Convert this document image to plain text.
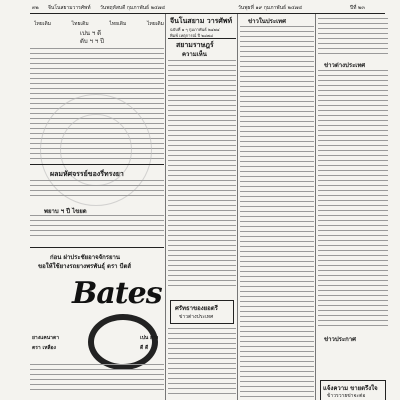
๓๒ จีนโนสยามวารศัพท์ วันพฤหัสบดี กุมภาพันธ์ ๒๔๗๔	วันพุธที่ ๑๙ กุมภาพันธ์ ๒๔๗๔	ปีที่ ๒๓
ไทยเดิม	ไทยเดิม	ไทยเดิม	ไทยเดิม
เปน ฯ ดี
ดับ ฯ ฯ ปี
ผลมหัศจรรย์ของรี่ทรงยา
พยาบ ฯ ปี ไขยด
ก่อน ฝาประชัยอาจจักรยาน
ขอให้ใช้ยางรถยางพรพันธุ์ ตรา บีตส์
Bates
ยางแคนาดา
ตรา เหลือง
เปน ยาง
ดี ดี
จีนโนสยาม วารศัพท์
ฉบับที่ ๑ ๆ กุมภาพันธ์ ๒๔๗๔
พิมพ์ เหตุการณ์ ปี ๒๔๗๔
สยามราษฎร์
ความเห็น
ศรัทธาของยอตรี
ข่าวต่างประเทศ
ข่าวในประเทศ
ข่าวต่างประเทศ
ข่าวประกาศ
แจ้งความ ขายตรึงใจ
ข้าวรวายข่าจะต่อ
